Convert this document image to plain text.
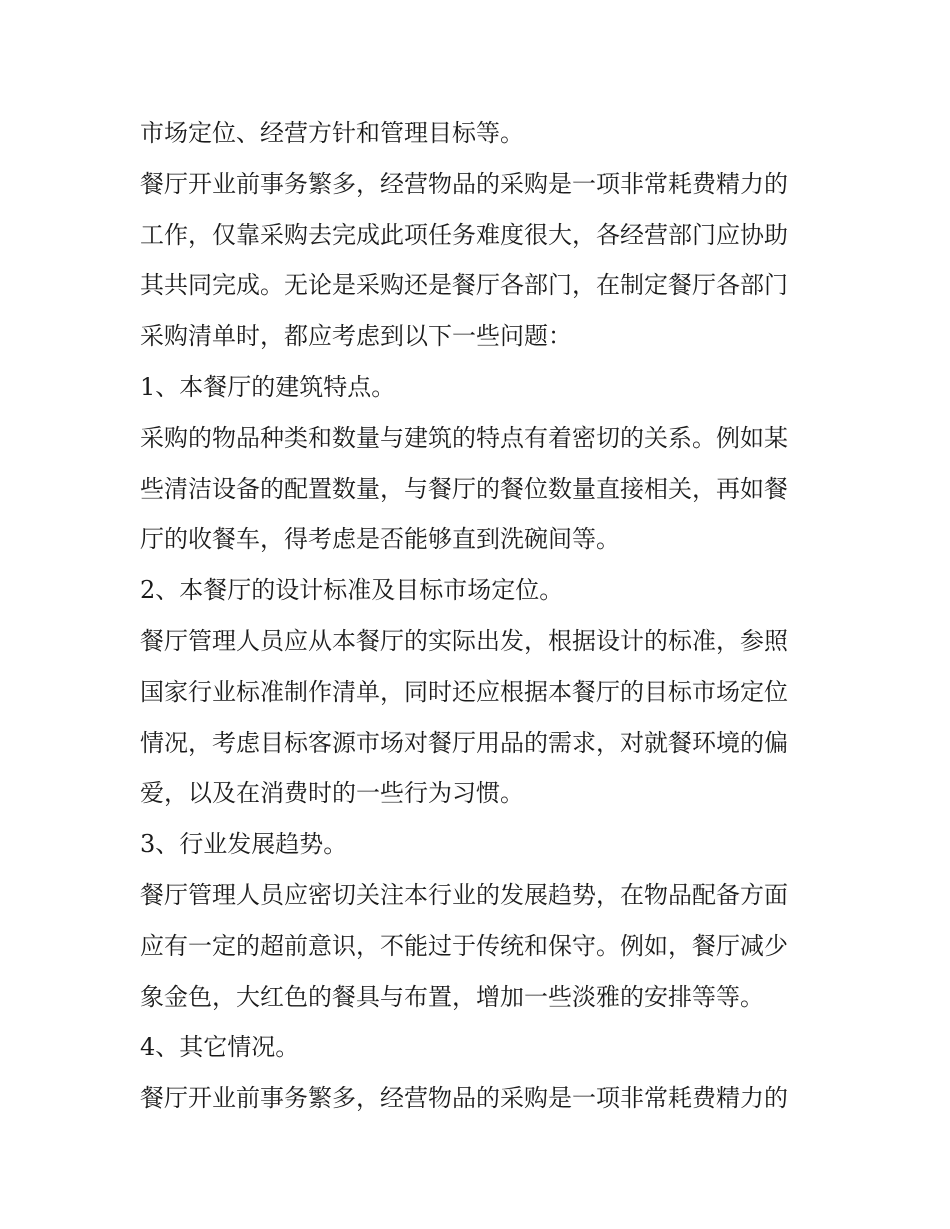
市场定位、经营方针和管理目标等。
餐厅开业前事务繁多，经营物品的采购是一项非常耗费精力的
工作，仅靠采购去完成此项任务难度很大，各经营部门应协助
其共同完成。无论是采购还是餐厅各部门，在制定餐厅各部门
采购清单时，都应考虑到以下一些问题：
1、本餐厅的建筑特点。
采购的物品种类和数量与建筑的特点有着密切的关系。例如某
些清洁设备的配置数量，与餐厅的餐位数量直接相关，再如餐
厅的收餐车，得考虑是否能够直到洗碗间等。
2、本餐厅的设计标准及目标市场定位。
餐厅管理人员应从本餐厅的实际出发，根据设计的标准，参照
国家行业标准制作清单，同时还应根据本餐厅的目标市场定位
情况，考虑目标客源市场对餐厅用品的需求，对就餐环境的偏
爱，以及在消费时的一些行为习惯。
3、行业发展趋势。
餐厅管理人员应密切关注本行业的发展趋势，在物品配备方面
应有一定的超前意识，不能过于传统和保守。例如，餐厅减少
象金色，大红色的餐具与布置，增加一些淡雅的安排等等。
4、其它情况。
餐厅开业前事务繁多，经营物品的采购是一项非常耗费精力的
